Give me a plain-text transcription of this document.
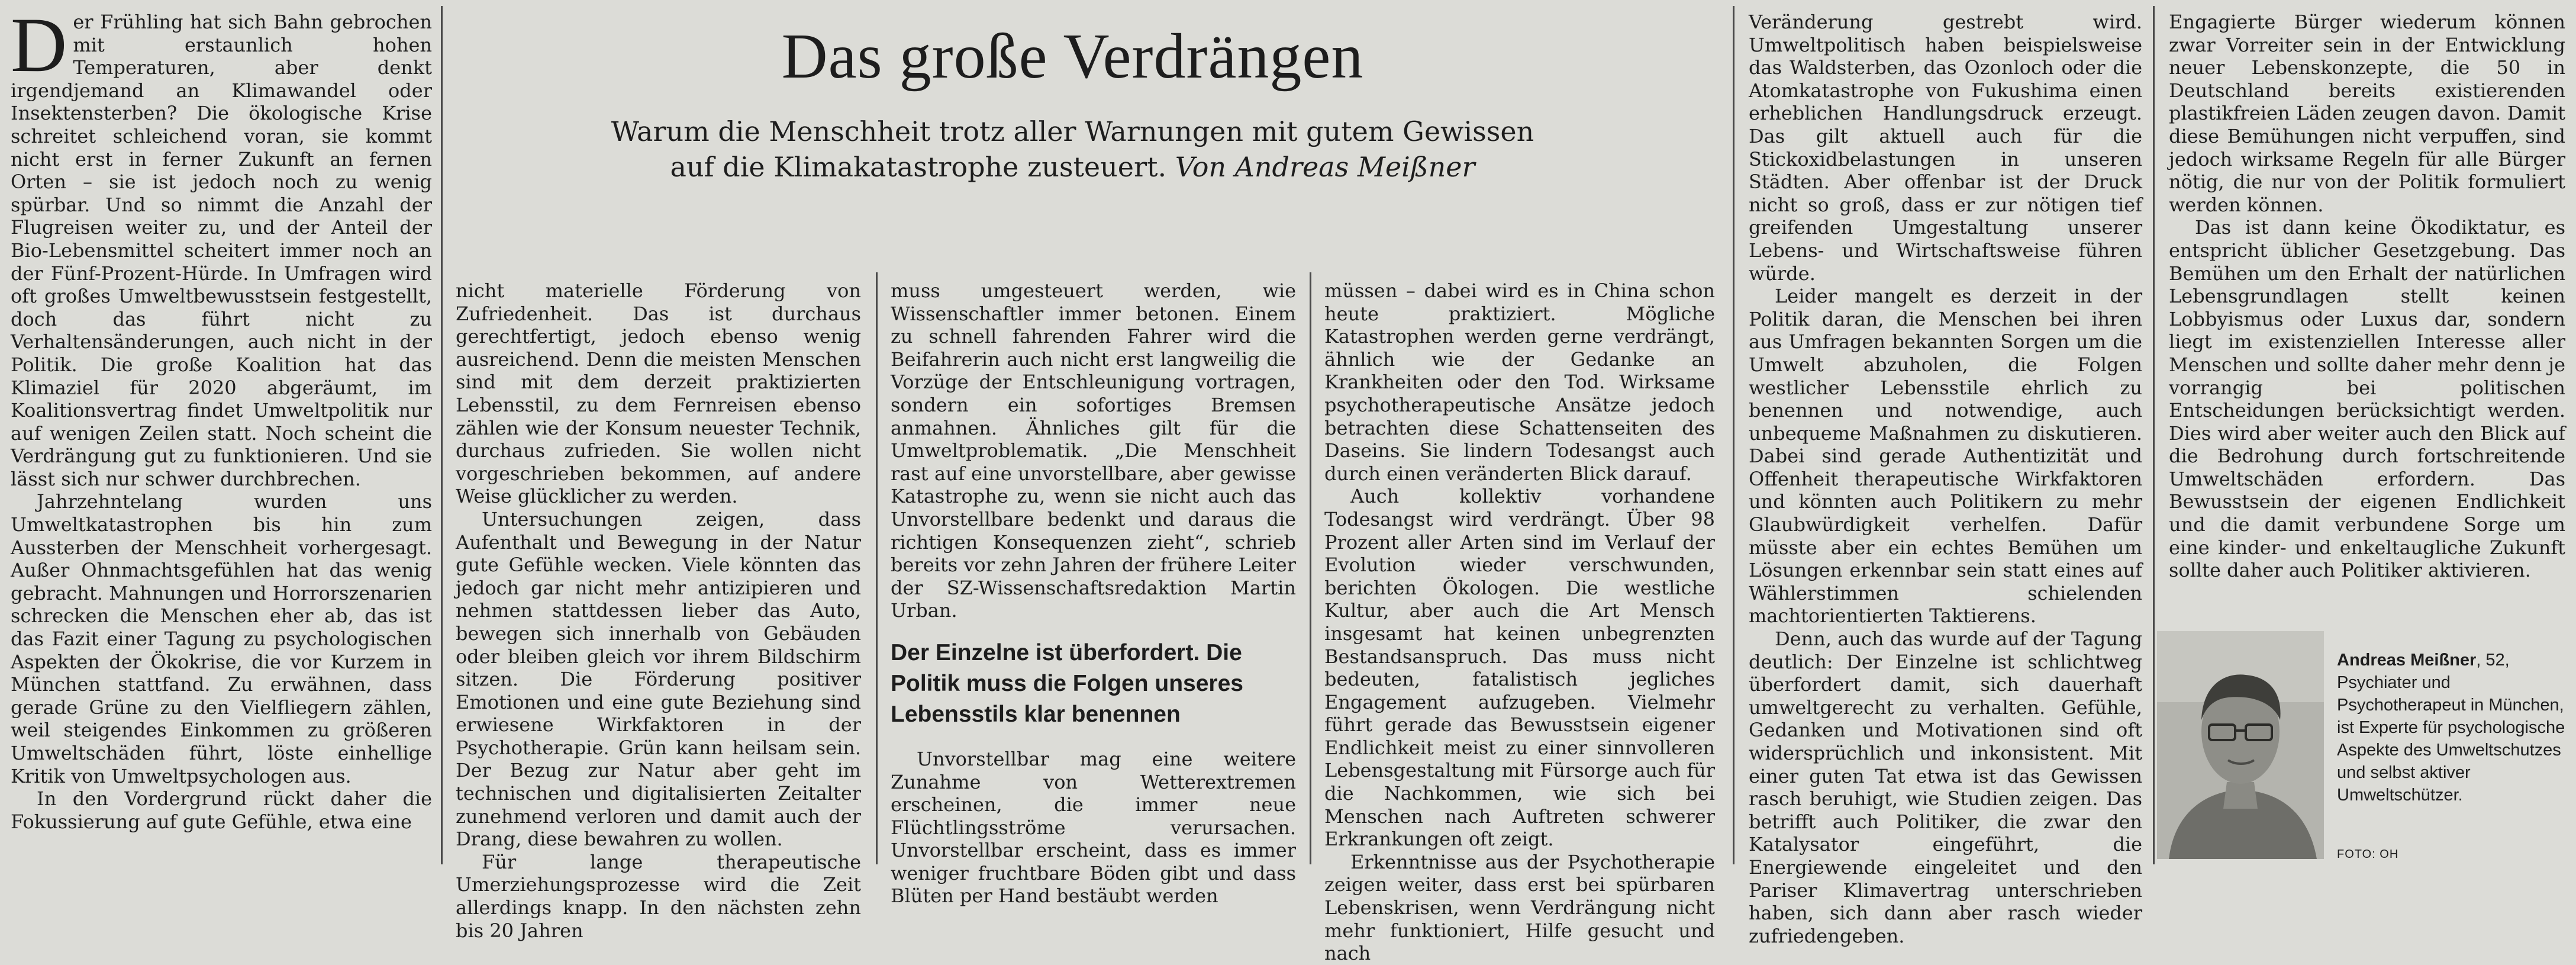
D er Frühling hat sich Bahn gebrochen mit erstaunlich hohen Temperaturen, aber denkt irgendjemand an Klimawandel oder Insektensterben? Die ökologische Krise schreitet schleichend voran, sie kommt nicht erst in ferner Zukunft an fernen Orten – sie ist jedoch noch zu wenig spürbar. Und so nimmt die Anzahl der Flugreisen weiter zu, und der Anteil der Bio-Lebensmittel scheitert immer noch an der Fünf-Prozent-Hürde. In Umfragen wird oft großes Umweltbewusstsein festgestellt, doch das führt nicht zu Verhaltensänderungen, auch nicht in der Politik. Die große Koalition hat das Klimaziel für 2020 abgeräumt, im Koalitionsvertrag findet Umweltpolitik nur auf wenigen Zeilen statt. Noch scheint die Verdrängung gut zu funktionieren. Und sie lässt sich nur schwer durchbrechen.

Jahrzehntelang wurden uns Umweltkatastrophen bis hin zum Aussterben der Menschheit vorhergesagt. Außer Ohnmachtsgefühlen hat das wenig gebracht. Mahnungen und Horrorszenarien schrecken die Menschen eher ab, das ist das Fazit einer Tagung zu psychologischen Aspekten der Ökokrise, die vor Kurzem in München stattfand. Zu erwähnen, dass gerade Grüne zu den Vielfliegern zählen, weil steigendes Einkommen zu größeren Umweltschäden führt, löste einhellige Kritik von Umweltpsychologen aus.

In den Vordergrund rückt daher die Fokussierung auf gute Gefühle, etwa eine

Das große Verdrängen
Warum die Menschheit trotz aller Warnungen mit gutem Gewissen
auf die Klimakatastrophe zusteuert. Von Andreas Meißner

nicht materielle Förderung von Zufriedenheit. Das ist durchaus gerechtfertigt, jedoch ebenso wenig ausreichend. Denn die meisten Menschen sind mit dem derzeit praktizierten Lebensstil, zu dem Fernreisen ebenso zählen wie der Konsum neuester Technik, durchaus zufrieden. Sie wollen nicht vorgeschrieben bekommen, auf andere Weise glücklicher zu werden.

Untersuchungen zeigen, dass Aufenthalt und Bewegung in der Natur gute Gefühle wecken. Viele könnten das jedoch gar nicht mehr antizipieren und nehmen stattdessen lieber das Auto, bewegen sich innerhalb von Gebäuden oder bleiben gleich vor ihrem Bildschirm sitzen. Die Förderung positiver Emotionen und eine gute Beziehung sind erwiesene Wirkfaktoren in der Psychotherapie. Grün kann heilsam sein. Der Bezug zur Natur aber geht im technischen und digitalisierten Zeitalter zunehmend verloren und damit auch der Drang, diese bewahren zu wollen.

Für lange therapeutische Umerziehungsprozesse wird die Zeit allerdings knapp. In den nächsten zehn bis 20 Jahren

muss umgesteuert werden, wie Wissenschaftler immer betonen. Einem zu schnell fahrenden Fahrer wird die Beifahrerin auch nicht erst langweilig die Vorzüge der Entschleunigung vortragen, sondern ein sofortiges Bremsen anmahnen. Ähnliches gilt für die Umweltproblematik. „Die Menschheit rast auf eine unvorstellbare, aber gewisse Katastrophe zu, wenn sie nicht auch das Unvorstellbare bedenkt und daraus die richtigen Konsequenzen zieht“, schrieb bereits vor zehn Jahren der frühere Leiter der SZ-Wissenschaftsredaktion Martin Urban.

Der Einzelne ist überfordert. Die Politik muss die Folgen unseres Lebensstils klar benennen

Unvorstellbar mag eine weitere Zunahme von Wetterextremen erscheinen, die immer neue Flüchtlingsströme verursachen. Unvorstellbar erscheint, dass es immer weniger fruchtbare Böden gibt und dass Blüten per Hand bestäubt werden

müssen – dabei wird es in China schon heute praktiziert. Mögliche Katastrophen werden gerne verdrängt, ähnlich wie der Gedanke an Krankheiten oder den Tod. Wirksame psychotherapeutische Ansätze jedoch betrachten diese Schattenseiten des Daseins. Sie lindern Todesangst auch durch einen veränderten Blick darauf.

Auch kollektiv vorhandene Todesangst wird verdrängt. Über 98 Prozent aller Arten sind im Verlauf der Evolution wieder verschwunden, berichten Ökologen. Die westliche Kultur, aber auch die Art Mensch insgesamt hat keinen unbegrenzten Bestandsanspruch. Das muss nicht bedeuten, fatalistisch jegliches Engagement aufzugeben. Vielmehr führt gerade das Bewusstsein eigener Endlichkeit meist zu einer sinnvolleren Lebensgestaltung mit Fürsorge auch für die Nachkommen, wie sich bei Menschen nach Auftreten schwerer Erkrankungen oft zeigt.

Erkenntnisse aus der Psychotherapie zeigen weiter, dass erst bei spürbaren Lebenskrisen, wenn Verdrängung nicht mehr funktioniert, Hilfe gesucht und nach

Veränderung gestrebt wird. Umweltpolitisch haben beispielsweise das Waldsterben, das Ozonloch oder die Atomkatastrophe von Fukushima einen erheblichen Handlungsdruck erzeugt. Das gilt aktuell auch für die Stickoxidbelastungen in unseren Städten. Aber offenbar ist der Druck nicht so groß, dass er zur nötigen tief greifenden Umgestaltung unserer Lebens- und Wirtschaftsweise führen würde.

Leider mangelt es derzeit in der Politik daran, die Menschen bei ihren aus Umfragen bekannten Sorgen um die Umwelt abzuholen, die Folgen westlicher Lebensstile ehrlich zu benennen und notwendige, auch unbequeme Maßnahmen zu diskutieren. Dabei sind gerade Authentizität und Offenheit therapeutische Wirkfaktoren und könnten auch Politikern zu mehr Glaubwürdigkeit verhelfen. Dafür müsste aber ein echtes Bemühen um Lösungen erkennbar sein statt eines auf Wählerstimmen schielenden machtorientierten Taktierens.

Denn, auch das wurde auf der Tagung deutlich: Der Einzelne ist schlichtweg überfordert damit, sich dauerhaft umweltgerecht zu verhalten. Gefühle, Gedanken und Motivationen sind oft widersprüchlich und inkonsistent. Mit einer guten Tat etwa ist das Gewissen rasch beruhigt, wie Studien zeigen. Das betrifft auch Politiker, die zwar den Katalysator eingeführt, die Energiewende eingeleitet und den Pariser Klimavertrag unterschrieben haben, sich dann aber rasch wieder zufriedengeben.

Engagierte Bürger wiederum können zwar Vorreiter sein in der Entwicklung neuer Lebenskonzepte, die 50 in Deutschland bereits existierenden plastikfreien Läden zeugen davon. Damit diese Bemühungen nicht verpuffen, sind jedoch wirksame Regeln für alle Bürger nötig, die nur von der Politik formuliert werden können.

Das ist dann keine Ökodiktatur, es entspricht üblicher Gesetzgebung. Das Bemühen um den Erhalt der natürlichen Lebensgrundlagen stellt keinen Lobbyismus oder Luxus dar, sondern liegt im existenziellen Interesse aller Menschen und sollte daher mehr denn je vorrangig bei politischen Entscheidungen berücksichtigt werden. Dies wird aber weiter auch den Blick auf die Bedrohung durch fortschreitende Umweltschäden erfordern. Das Bewusstsein der eigenen Endlichkeit und die damit verbundene Sorge um eine kinder- und enkeltaugliche Zukunft sollte daher auch Politiker aktivieren.

Andreas Meißner, 52, Psychiater und Psychotherapeut in München, ist Experte für psychologische Aspekte des Umweltschutzes und selbst aktiver Umweltschützer.
FOTO: OH
